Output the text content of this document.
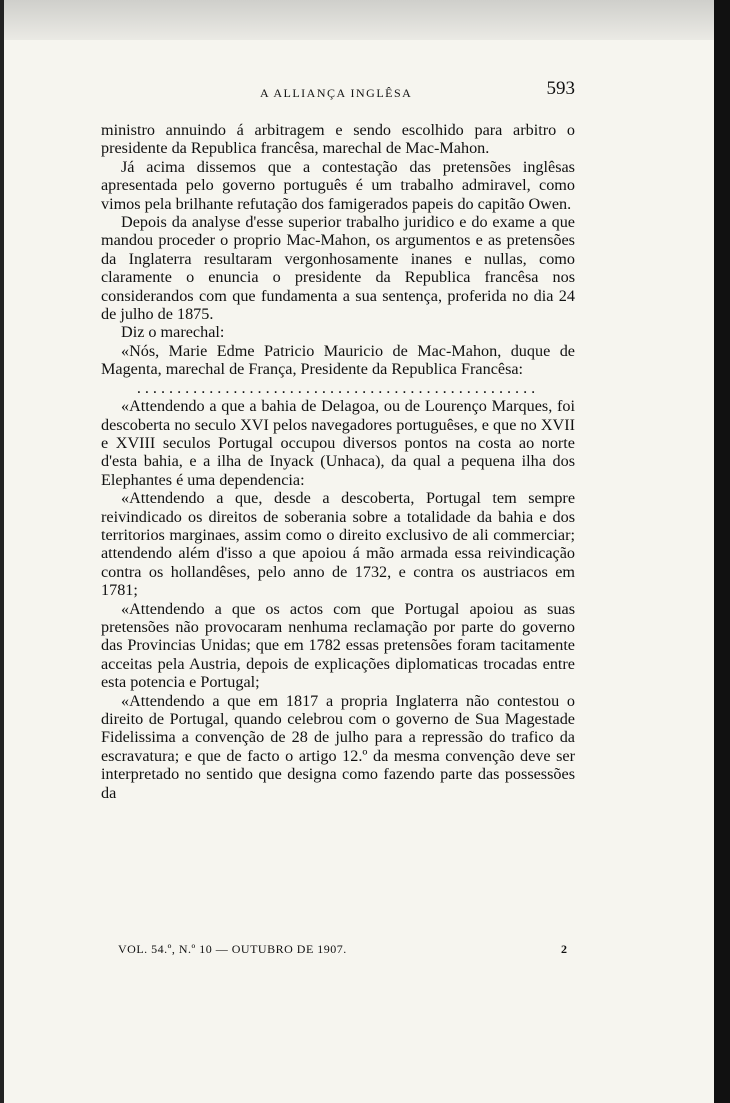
A ALLIANÇA INGLÊSA	593

ministro annuindo á arbitragem e sendo escolhido para arbitro o presidente da Republica francêsa, marechal de Mac-Mahon.

Já acima dissemos que a contestação das pretensões inglêsas apresentada pelo governo português é um trabalho admiravel, como vimos pela brilhante refutação dos famigerados papeis do capitão Owen.

Depois da analyse d'esse superior trabalho juridico e do exame a que mandou proceder o proprio Mac-Mahon, os argumentos e as pretensões da Inglaterra resultaram vergonhosamente inanes e nullas, como claramente o enuncia o presidente da Republica francêsa nos considerandos com que fundamenta a sua sentença, proferida no dia 24 de julho de 1875.

Diz o marechal:

«Nós, Marie Edme Patricio Mauricio de Mac-Mahon, duque de Magenta, marechal de França, Presidente da Republica Francêsa:

..................................................

«Attendendo a que a bahia de Delagoa, ou de Lourenço Marques, foi descoberta no seculo XVI pelos navegadores portuguêses, e que no XVII e XVIII seculos Portugal occupou diversos pontos na costa ao norte d'esta bahia, e a ilha de Inyack (Unhaca), da qual a pequena ilha dos Elephantes é uma dependencia:

«Attendendo a que, desde a descoberta, Portugal tem sempre reivindicado os direitos de soberania sobre a totalidade da bahia e dos territorios marginaes, assim como o direito exclusivo de ali commerciar; attendendo além d'isso a que apoiou á mão armada essa reivindicação contra os hollandêses, pelo anno de 1732, e contra os austriacos em 1781;

«Attendendo a que os actos com que Portugal apoiou as suas pretensões não provocaram nenhuma reclamação por parte do governo das Provincias Unidas; que em 1782 essas pretensões foram tacitamente acceitas pela Austria, depois de explicações diplomaticas trocadas entre esta potencia e Portugal;

«Attendendo a que em 1817 a propria Inglaterra não contestou o direito de Portugal, quando celebrou com o governo de Sua Magestade Fidelissima a convenção de 28 de julho para a repressão do trafico da escravatura; e que de facto o artigo 12.º da mesma convenção deve ser interpretado no sentido que designa como fazendo parte das possessões da

VOL. 54.º, N.º 10 — OUTUBRO DE 1907.	2
